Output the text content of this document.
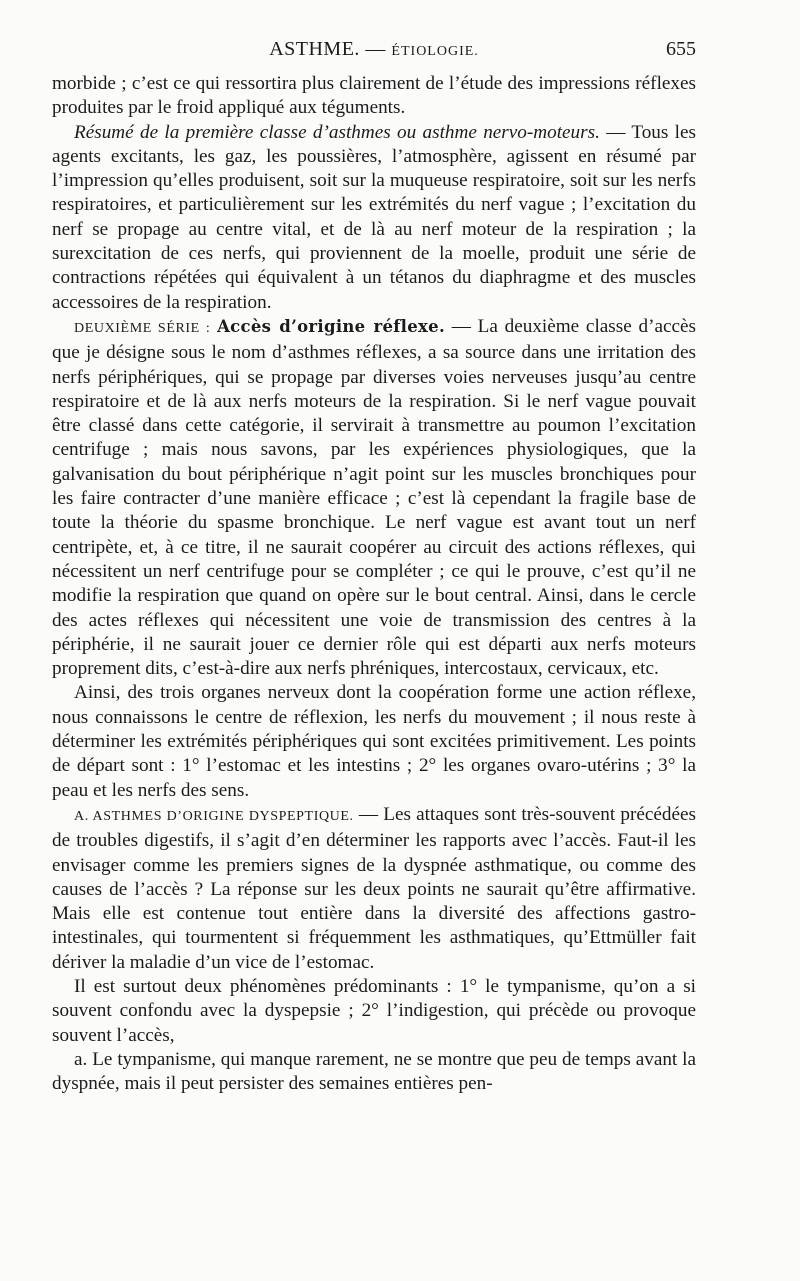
ASTHME. — ÉTIOLOGIE.	655

morbide ; c’est ce qui ressortira plus clairement de l’étude des impressions réflexes produites par le froid appliqué aux téguments.

Résumé de la première classe d’asthmes ou asthme nervo-moteurs. — Tous les agents excitants, les gaz, les poussières, l’atmosphère, agissent en résumé par l’impression qu’elles produisent, soit sur la muqueuse respiratoire, soit sur les nerfs respiratoires, et particulièrement sur les extrémités du nerf vague ; l’excitation du nerf se propage au centre vital, et de là au nerf moteur de la respiration ; la surexcitation de ces nerfs, qui proviennent de la moelle, produit une série de contractions répétées qui équivalent à un tétanos du diaphragme et des muscles accessoires de la respiration.

DEUXIÈME SÉRIE : Accès d’origine réflexe. — La deuxième classe d’accès que je désigne sous le nom d’asthmes réflexes, a sa source dans une irritation des nerfs périphériques, qui se propage par diverses voies nerveuses jusqu’au centre respiratoire et de là aux nerfs moteurs de la respiration. Si le nerf vague pouvait être classé dans cette catégorie, il servirait à transmettre au poumon l’excitation centrifuge ; mais nous savons, par les expériences physiologiques, que la galvanisation du bout périphérique n’agit point sur les muscles bronchiques pour les faire contracter d’une manière efficace ; c’est là cependant la fragile base de toute la théorie du spasme bronchique. Le nerf vague est avant tout un nerf centripète, et, à ce titre, il ne saurait coopérer au circuit des actions réflexes, qui nécessitent un nerf centrifuge pour se compléter ; ce qui le prouve, c’est qu’il ne modifie la respiration que quand on opère sur le bout central. Ainsi, dans le cercle des actes réflexes qui nécessitent une voie de transmission des centres à la périphérie, il ne saurait jouer ce dernier rôle qui est départi aux nerfs moteurs proprement dits, c’est-à-dire aux nerfs phréniques, intercostaux, cervicaux, etc.

Ainsi, des trois organes nerveux dont la coopération forme une action réflexe, nous connaissons le centre de réflexion, les nerfs du mouvement ; il nous reste à déterminer les extrémités périphériques qui sont excitées primitivement. Les points de départ sont : 1° l’estomac et les intestins ; 2° les organes ovaro-utérins ; 3° la peau et les nerfs des sens.

A. ASTHMES D’ORIGINE DYSPEPTIQUE. — Les attaques sont très-souvent précédées de troubles digestifs, il s’agit d’en déterminer les rapports avec l’accès. Faut-il les envisager comme les premiers signes de la dyspnée asthmatique, ou comme des causes de l’accès ? La réponse sur les deux points ne saurait qu’être affirmative. Mais elle est contenue tout entière dans la diversité des affections gastro-intestinales, qui tourmentent si fréquemment les asthmatiques, qu’Ettmüller fait dériver la maladie d’un vice de l’estomac.

Il est surtout deux phénomènes prédominants : 1° le tympanisme, qu’on a si souvent confondu avec la dyspepsie ; 2° l’indigestion, qui précède ou provoque souvent l’accès,

a. Le tympanisme, qui manque rarement, ne se montre que peu de temps avant la dyspnée, mais il peut persister des semaines entières pen-
